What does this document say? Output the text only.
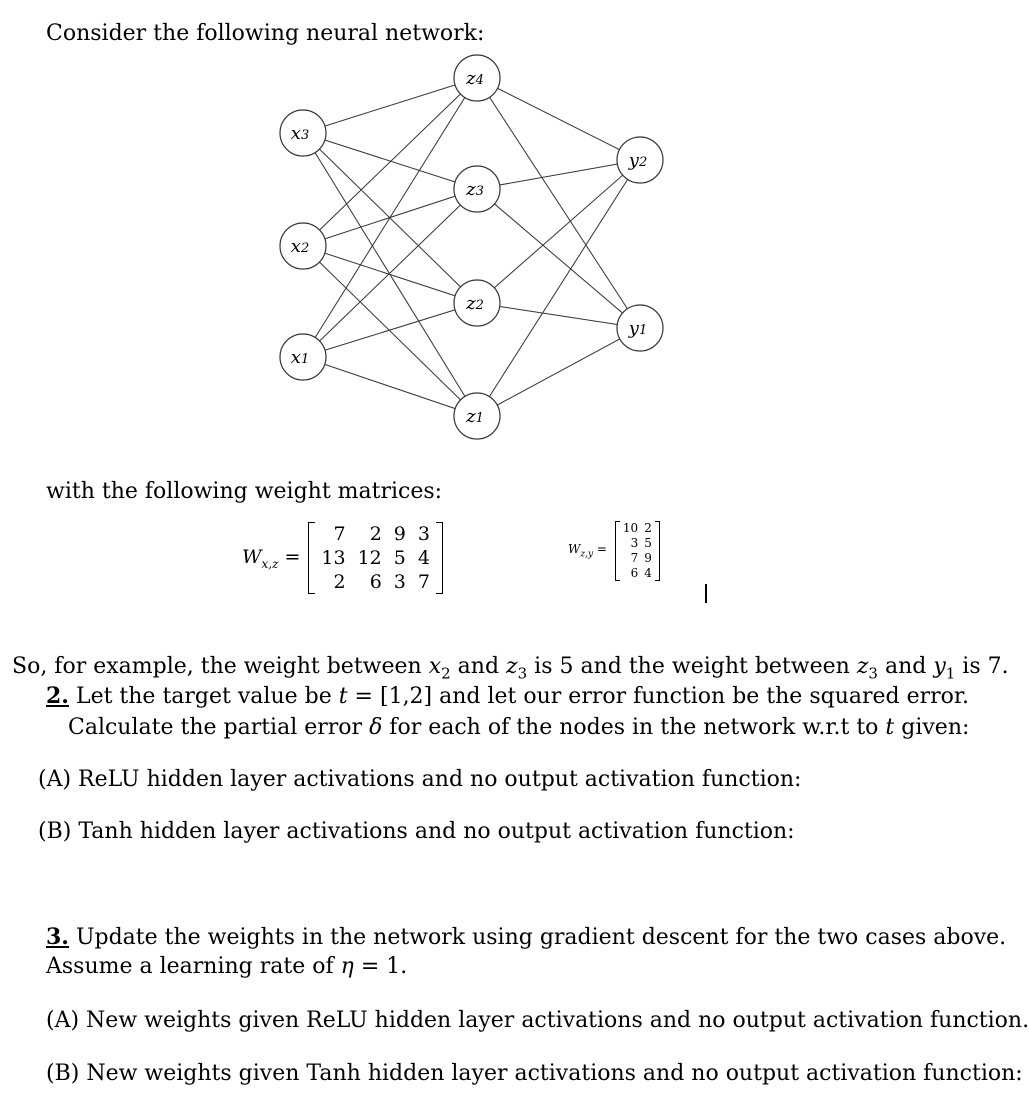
Consider the following neural network:
x3
x2
x1
z4
z3
z2
z1
y2
y1
with the following weight matrices:
$W_{x,z}$ =
7	2	9	3
13	12	5	4
2	6	3	7
$W_{z,y}$ =
10	2
3	5
7	9
6	4
So, for example, the weight between $x_2$ and $z_3$ is 5 and the weight between $z_3$ and $y_1$ is 7.
2. Let the target value be t = [1,2] and let our error function be the squared error.
Calculate the partial error δ for each of the nodes in the network w.r.t to t given:
(A) ReLU hidden layer activations and no output activation function:
(B) Tanh hidden layer activations and no output activation function:
3. Update the weights in the network using gradient descent for the two cases above.
Assume a learning rate of η = 1.
(A) New weights given ReLU hidden layer activations and no output activation function.
(B) New weights given Tanh hidden layer activations and no output activation function:
